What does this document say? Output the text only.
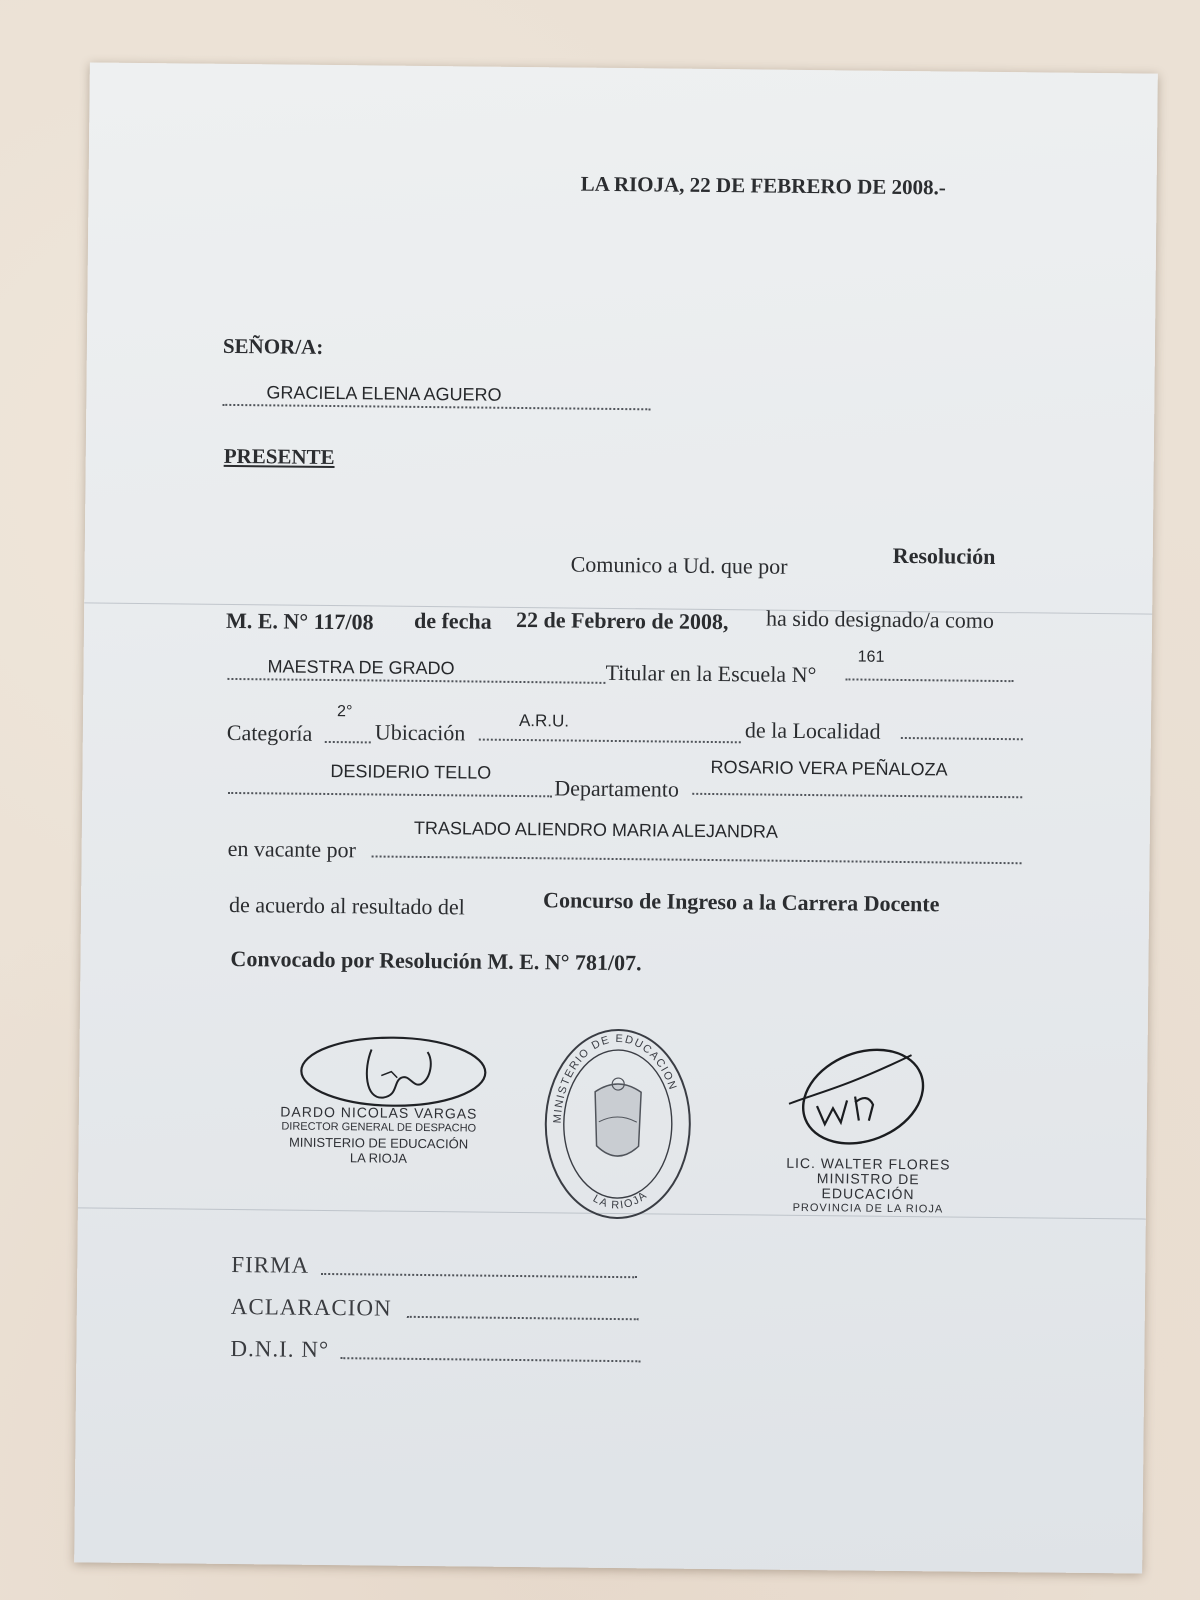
LA RIOJA, 22 DE FEBRERO DE 2008.-
SEÑOR/A:
GRACIELA ELENA AGUERO
PRESENTE
Comunico a Ud. que por	Resolución
M. E. N° 117/08 de fecha 22 de Febrero de 2008, ha sido designado/a como
MAESTRA DE GRADO	Titular en la Escuela N°
161
Categoría
2°
Ubicación	A.R.U.	de la Localidad
DESIDERIO TELLO
Departamento
ROSARIO VERA PEÑALOZA
en vacante por
TRASLADO ALIENDRO MARIA ALEJANDRA
de acuerdo al resultado del	Concurso de Ingreso a la Carrera Docente
Convocado por Resolución M. E. N° 781/07.
DARDO NICOLAS VARGAS
DIRECTOR GENERAL DE DESPACHO
MINISTERIO DE EDUCACIÓN
LA RIOJA
MINISTERIO DE EDUCACION
LA RIOJA
LIC. WALTER FLORES
MINISTRO DE EDUCACIÓN
PROVINCIA DE LA RIOJA
FIRMA
ACLARACION
D.N.I. N°
